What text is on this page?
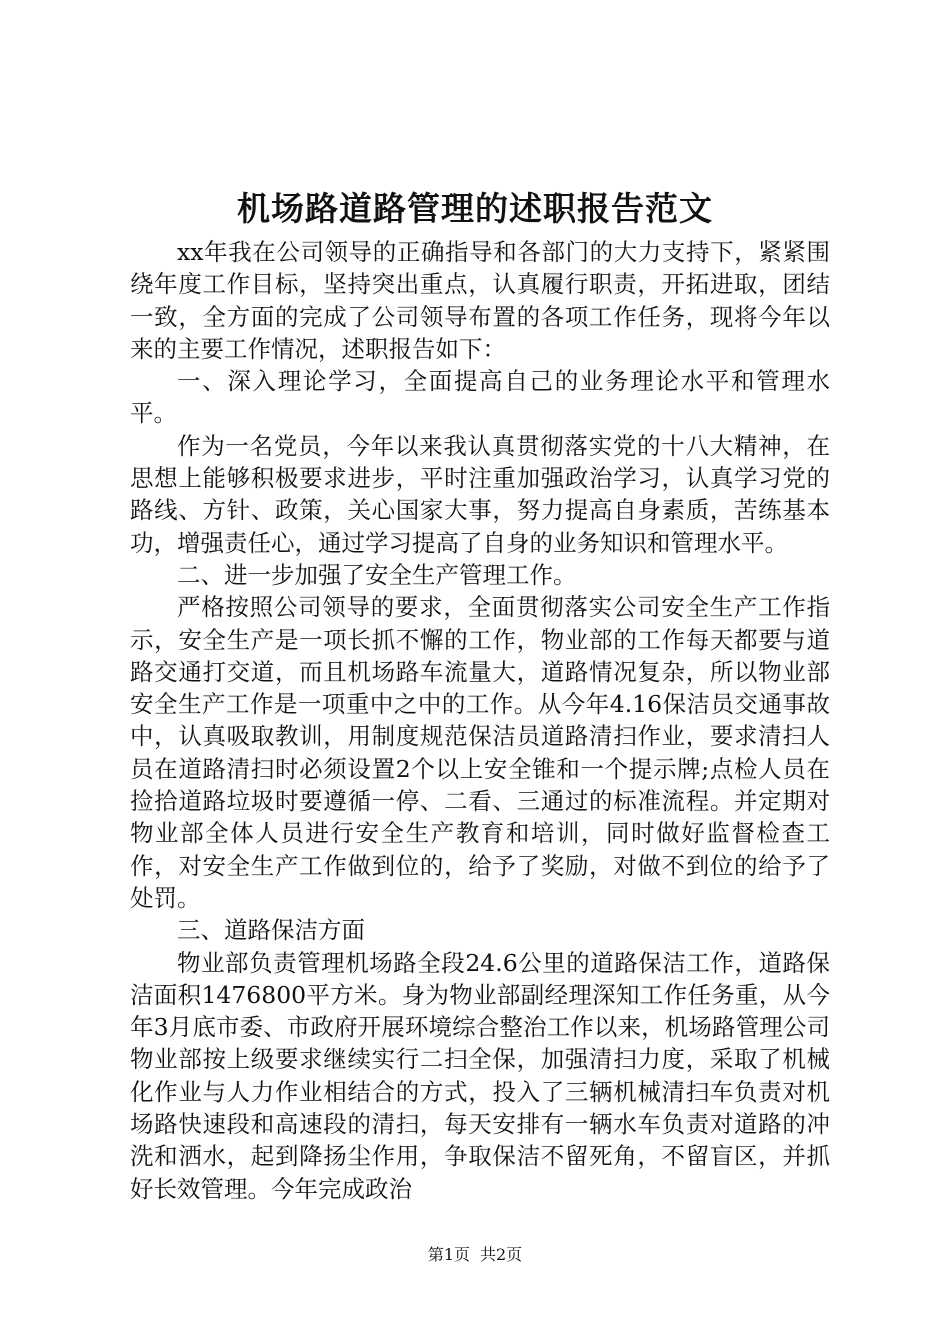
机场路道路管理的述职报告范文

xx年我在公司领导的正确指导和各部门的大力支持下，紧紧围绕年度工作目标，坚持突出重点，认真履行职责，开拓进取，团结一致，全方面的完成了公司领导布置的各项工作任务，现将今年以来的主要工作情况，述职报告如下：

一、深入理论学习，全面提高自己的业务理论水平和管理水平。

作为一名党员，今年以来我认真贯彻落实党的十八大精神，在思想上能够积极要求进步，平时注重加强政治学习，认真学习党的路线、方针、政策，关心国家大事，努力提高自身素质，苦练基本功，增强责任心，通过学习提高了自身的业务知识和管理水平。

二、进一步加强了安全生产管理工作。

严格按照公司领导的要求，全面贯彻落实公司安全生产工作指示，安全生产是一项长抓不懈的工作，物业部的工作每天都要与道路交通打交道，而且机场路车流量大，道路情况复杂，所以物业部安全生产工作是一项重中之中的工作。从今年4.16保洁员交通事故中，认真吸取教训，用制度规范保洁员道路清扫作业，要求清扫人员在道路清扫时必须设置2个以上安全锥和一个提示牌;点检人员在捡拾道路垃圾时要遵循一停、二看、三通过的标准流程。并定期对物业部全体人员进行安全生产教育和培训，同时做好监督检查工作，对安全生产工作做到位的，给予了奖励，对做不到位的给予了处罚。

三、道路保洁方面

物业部负责管理机场路全段24.6公里的道路保洁工作，道路保洁面积1476800平方米。身为物业部副经理深知工作任务重，从今年3月底市委、市政府开展环境综合整治工作以来，机场路管理公司物业部按上级要求继续实行二扫全保，加强清扫力度，采取了机械化作业与人力作业相结合的方式，投入了三辆机械清扫车负责对机场路快速段和高速段的清扫，每天安排有一辆水车负责对道路的冲洗和洒水，起到降扬尘作用，争取保洁不留死角，不留盲区，并抓好长效管理。今年完成政治

第1页 共2页
